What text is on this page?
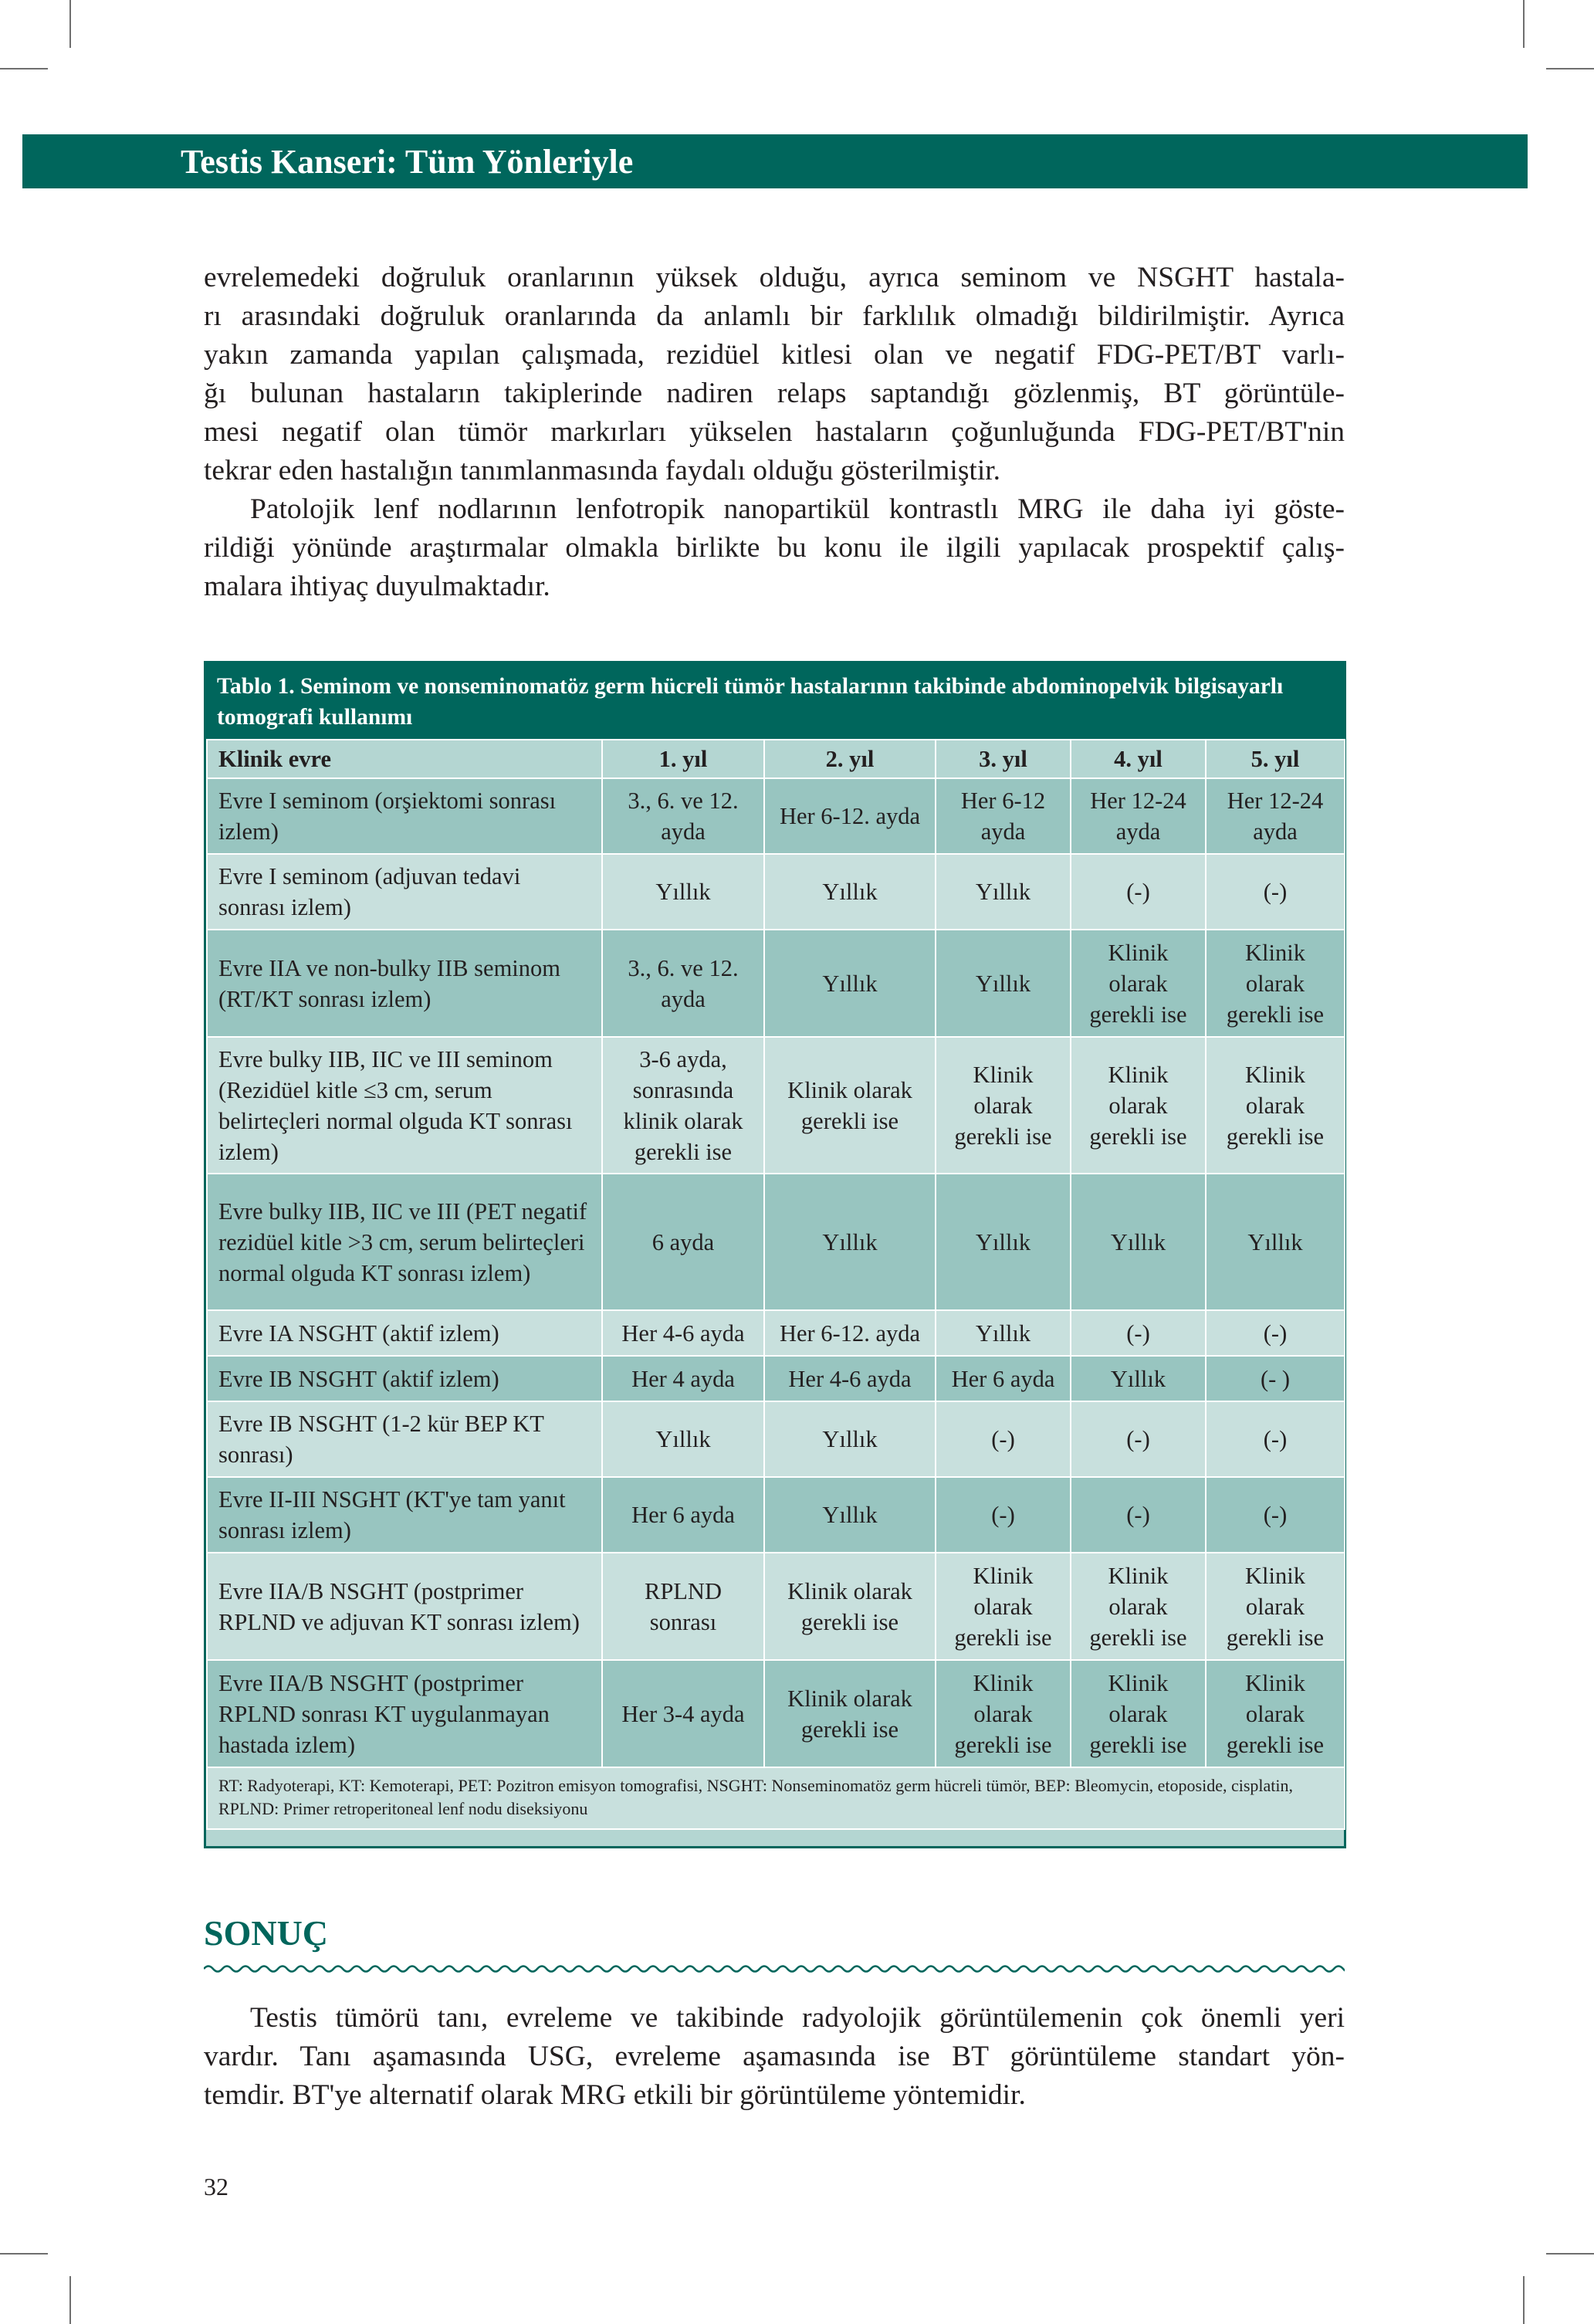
Testis Kanseri: Tüm Yönleriyle
evrelemedeki doğruluk oranlarının yüksek olduğu, ayrıca seminom ve NSGHT hastala-
rı arasındaki doğruluk oranlarında da anlamlı bir farklılık olmadığı bildirilmiştir. Ayrıca
yakın zamanda yapılan çalışmada, rezidüel kitlesi olan ve negatif FDG-PET/BT varlı-
ğı bulunan hastaların takiplerinde nadiren relaps saptandığı gözlenmiş, BT görüntüle-
mesi negatif olan tümör markırları yükselen hastaların çoğunluğunda FDG-PET/BT'nin
tekrar eden hastalığın tanımlanmasında faydalı olduğu gösterilmiştir.
Patolojik lenf nodlarının lenfotropik nanopartikül kontrastlı MRG ile daha iyi göste-
rildiği yönünde araştırmalar olmakla birlikte bu konu ile ilgili yapılacak prospektif çalış-
malara ihtiyaç duyulmaktadır.
Tablo 1. Seminom ve nonseminomatöz germ hücreli tümör hastalarının takibinde abdominopelvik bilgisayarlı tomografi kullanımı
Klinik evre	1. yıl	2. yıl	3. yıl	4. yıl	5. yıl
Evre I seminom (orşiektomi sonrası izlem)	3., 6. ve 12. ayda	Her 6-12. ayda	Her 6-12 ayda	Her 12-24 ayda	Her 12-24 ayda
Evre I seminom (adjuvan tedavi sonrası izlem)	Yıllık	Yıllık	Yıllık	(-)	(-)
Evre IIA ve non-bulky IIB seminom (RT/KT sonrası izlem)	3., 6. ve 12. ayda	Yıllık	Yıllık	Klinik olarak gerekli ise	Klinik olarak gerekli ise
Evre bulky IIB, IIC ve III seminom (Rezidüel kitle ≤3 cm, serum belirteçleri normal olguda KT sonrası izlem)	3-6 ayda, sonrasında klinik olarak gerekli ise	Klinik olarak gerekli ise	Klinik olarak gerekli ise	Klinik olarak gerekli ise	Klinik olarak gerekli ise
Evre bulky IIB, IIC ve III (PET negatif rezidüel kitle >3 cm, serum belirteçleri normal olguda KT sonrası izlem)	6 ayda	Yıllık	Yıllık	Yıllık	Yıllık
Evre IA NSGHT (aktif izlem)	Her 4-6 ayda	Her 6-12. ayda	Yıllık	(-)	(-)
Evre IB NSGHT (aktif izlem)	Her 4 ayda	Her 4-6 ayda	Her 6 ayda	Yıllık	(- )
Evre IB NSGHT (1-2 kür BEP KT sonrası)	Yıllık	Yıllık	(-)	(-)	(-)
Evre II-III NSGHT (KT'ye tam yanıt sonrası izlem)	Her 6 ayda	Yıllık	(-)	(-)	(-)
Evre IIA/B NSGHT (postprimer RPLND ve adjuvan KT sonrası izlem)	RPLND sonrası	Klinik olarak gerekli ise	Klinik olarak gerekli ise	Klinik olarak gerekli ise	Klinik olarak gerekli ise
Evre IIA/B NSGHT (postprimer RPLND sonrası KT uygulanmayan hastada izlem)	Her 3-4 ayda	Klinik olarak gerekli ise	Klinik olarak gerekli ise	Klinik olarak gerekli ise	Klinik olarak gerekli ise
RT: Radyoterapi, KT: Kemoterapi, PET: Pozitron emisyon tomografisi, NSGHT: Nonseminomatöz germ hücreli tümör, BEP: Bleomycin, etoposide, cisplatin, RPLND: Primer retroperitoneal lenf nodu diseksiyonu					
SONUÇ
Testis tümörü tanı, evreleme ve takibinde radyolojik görüntülemenin çok önemli yeri
vardır. Tanı aşamasında USG, evreleme aşamasında ise BT görüntüleme standart yön-
temdir. BT'ye alternatif olarak MRG etkili bir görüntüleme yöntemidir.
32
